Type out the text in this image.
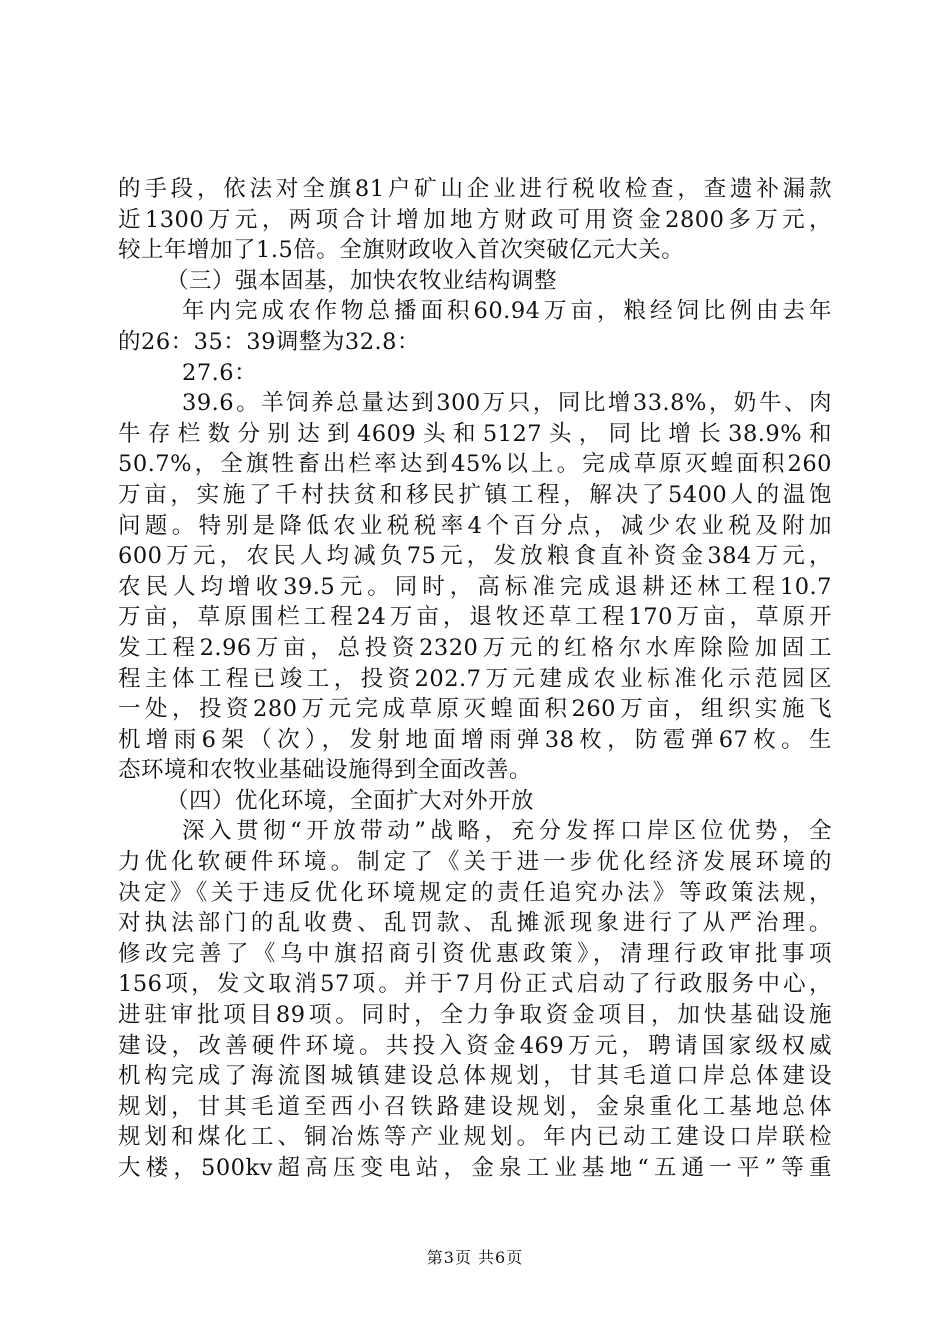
的手段，依法对全旗81户矿山企业进行税收检查，查遗补漏款
近1300万元，两项合计增加地方财政可用资金2800多万元，
较上年增加了1.5倍。全旗财政收入首次突破亿元大关。
（三）强本固基，加快农牧业结构调整
年内完成农作物总播面积60.94万亩，粮经饲比例由去年
的26：35：39调整为32.8：
27.6：
39.6。羊饲养总量达到300万只，同比增33.8%，奶牛、肉
牛存栏数分别达到4609头和5127头，同比增长38.9%和
50.7%，全旗牲畜出栏率达到45%以上。完成草原灭蝗面积260
万亩，实施了千村扶贫和移民扩镇工程，解决了5400人的温饱
问题。特别是降低农业税税率4个百分点，减少农业税及附加
600万元，农民人均减负75元，发放粮食直补资金384万元，
农民人均增收39.5元。同时，高标准完成退耕还林工程10.7
万亩，草原围栏工程24万亩，退牧还草工程170万亩，草原开
发工程2.96万亩，总投资2320万元的红格尔水库除险加固工
程主体工程已竣工，投资202.7万元建成农业标准化示范园区
一处，投资280万元完成草原灭蝗面积260万亩，组织实施飞
机增雨6架（次），发射地面增雨弹38枚，防雹弹67枚。生
态环境和农牧业基础设施得到全面改善。
（四）优化环境，全面扩大对外开放
深入贯彻“开放带动”战略，充分发挥口岸区位优势，全
力优化软硬件环境。制定了《关于进一步优化经济发展环境的
决定》《关于违反优化环境规定的责任追究办法》等政策法规，
对执法部门的乱收费、乱罚款、乱摊派现象进行了从严治理。
修改完善了《乌中旗招商引资优惠政策》，清理行政审批事项
156项，发文取消57项。并于7月份正式启动了行政服务中心，
进驻审批项目89项。同时，全力争取资金项目，加快基础设施
建设，改善硬件环境。共投入资金469万元，聘请国家级权威
机构完成了海流图城镇建设总体规划，甘其毛道口岸总体建设
规划，甘其毛道至西小召铁路建设规划，金泉重化工基地总体
规划和煤化工、铜冶炼等产业规划。年内已动工建设口岸联检
大楼，500kv超高压变电站，金泉工业基地“五通一平”等重
第3页 共6页
